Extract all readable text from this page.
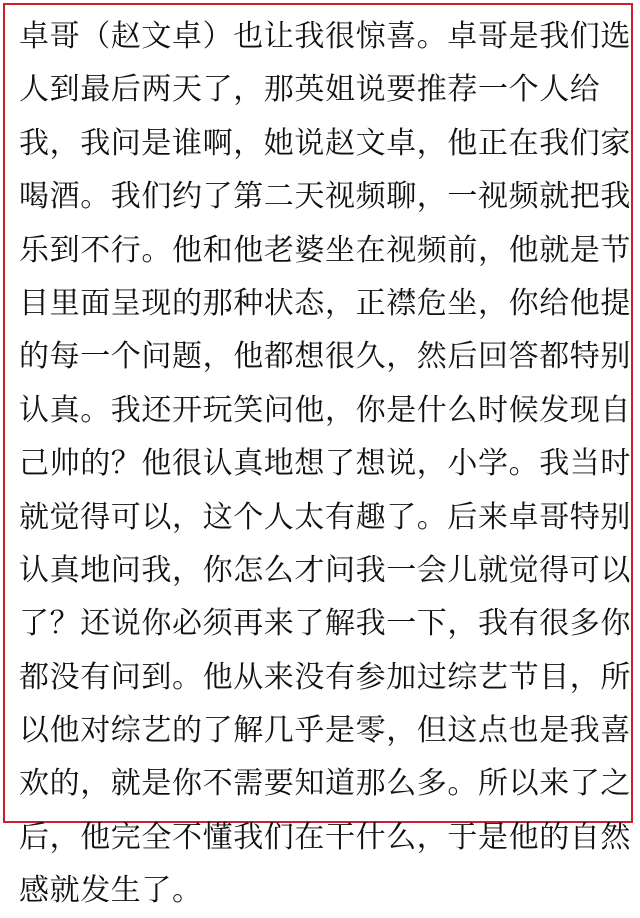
卓哥（赵文卓）也让我很惊喜。卓哥是我们选
人到最后两天了，那英姐说要推荐一个人给
我，我问是谁啊，她说赵文卓，他正在我们家
喝酒。我们约了第二天视频聊，一视频就把我
乐到不行。他和他老婆坐在视频前，他就是节
目里面呈现的那种状态，正襟危坐，你给他提
的每一个问题，他都想很久，然后回答都特别
认真。我还开玩笑问他，你是什么时候发现自
己帅的？他很认真地想了想说，小学。我当时
就觉得可以，这个人太有趣了。后来卓哥特别
认真地问我，你怎么才问我一会儿就觉得可以
了？还说你必须再来了解我一下，我有很多你
都没有问到。他从来没有参加过综艺节目，所
以他对综艺的了解几乎是零，但这点也是我喜
欢的，就是你不需要知道那么多。所以来了之
后，他完全不懂我们在干什么，于是他的自然
感就发生了。
